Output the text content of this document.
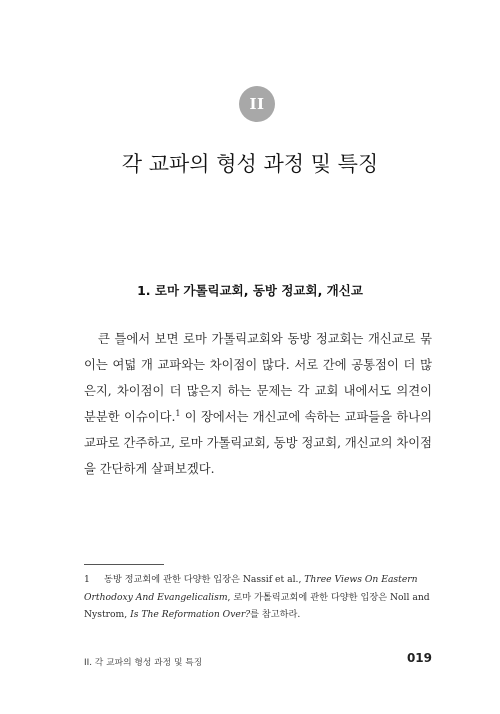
II
각 교파의 형성 과정 및 특징
1. 로마 가톨릭교회, 동방 정교회, 개신교

큰 틀에서 보면 로마 가톨릭교회와 동방 정교회는 개신교로 묶이는 여덟 개 교파와는 차이점이 많다. 서로 간에 공통점이 더 많은지, 차이점이 더 많은지 하는 문제는 각 교회 내에서도 의견이 분분한 이슈이다.$^1$ 이 장에서는 개신교에 속하는 교파들을 하나의 교파로 간주하고, 로마 가톨릭교회, 동방 정교회, 개신교의 차이점을 간단하게 살펴보겠다.

1 동방 정교회에 관한 다양한 입장은 Nassif et al., Three Views On Eastern Orthodoxy And Evangelicalism, 로마 가톨릭교회에 관한 다양한 입장은 Noll and Nystrom, Is The Reformation Over?를 참고하라.
II. 각 교파의 형성 과정 및 특징	019
